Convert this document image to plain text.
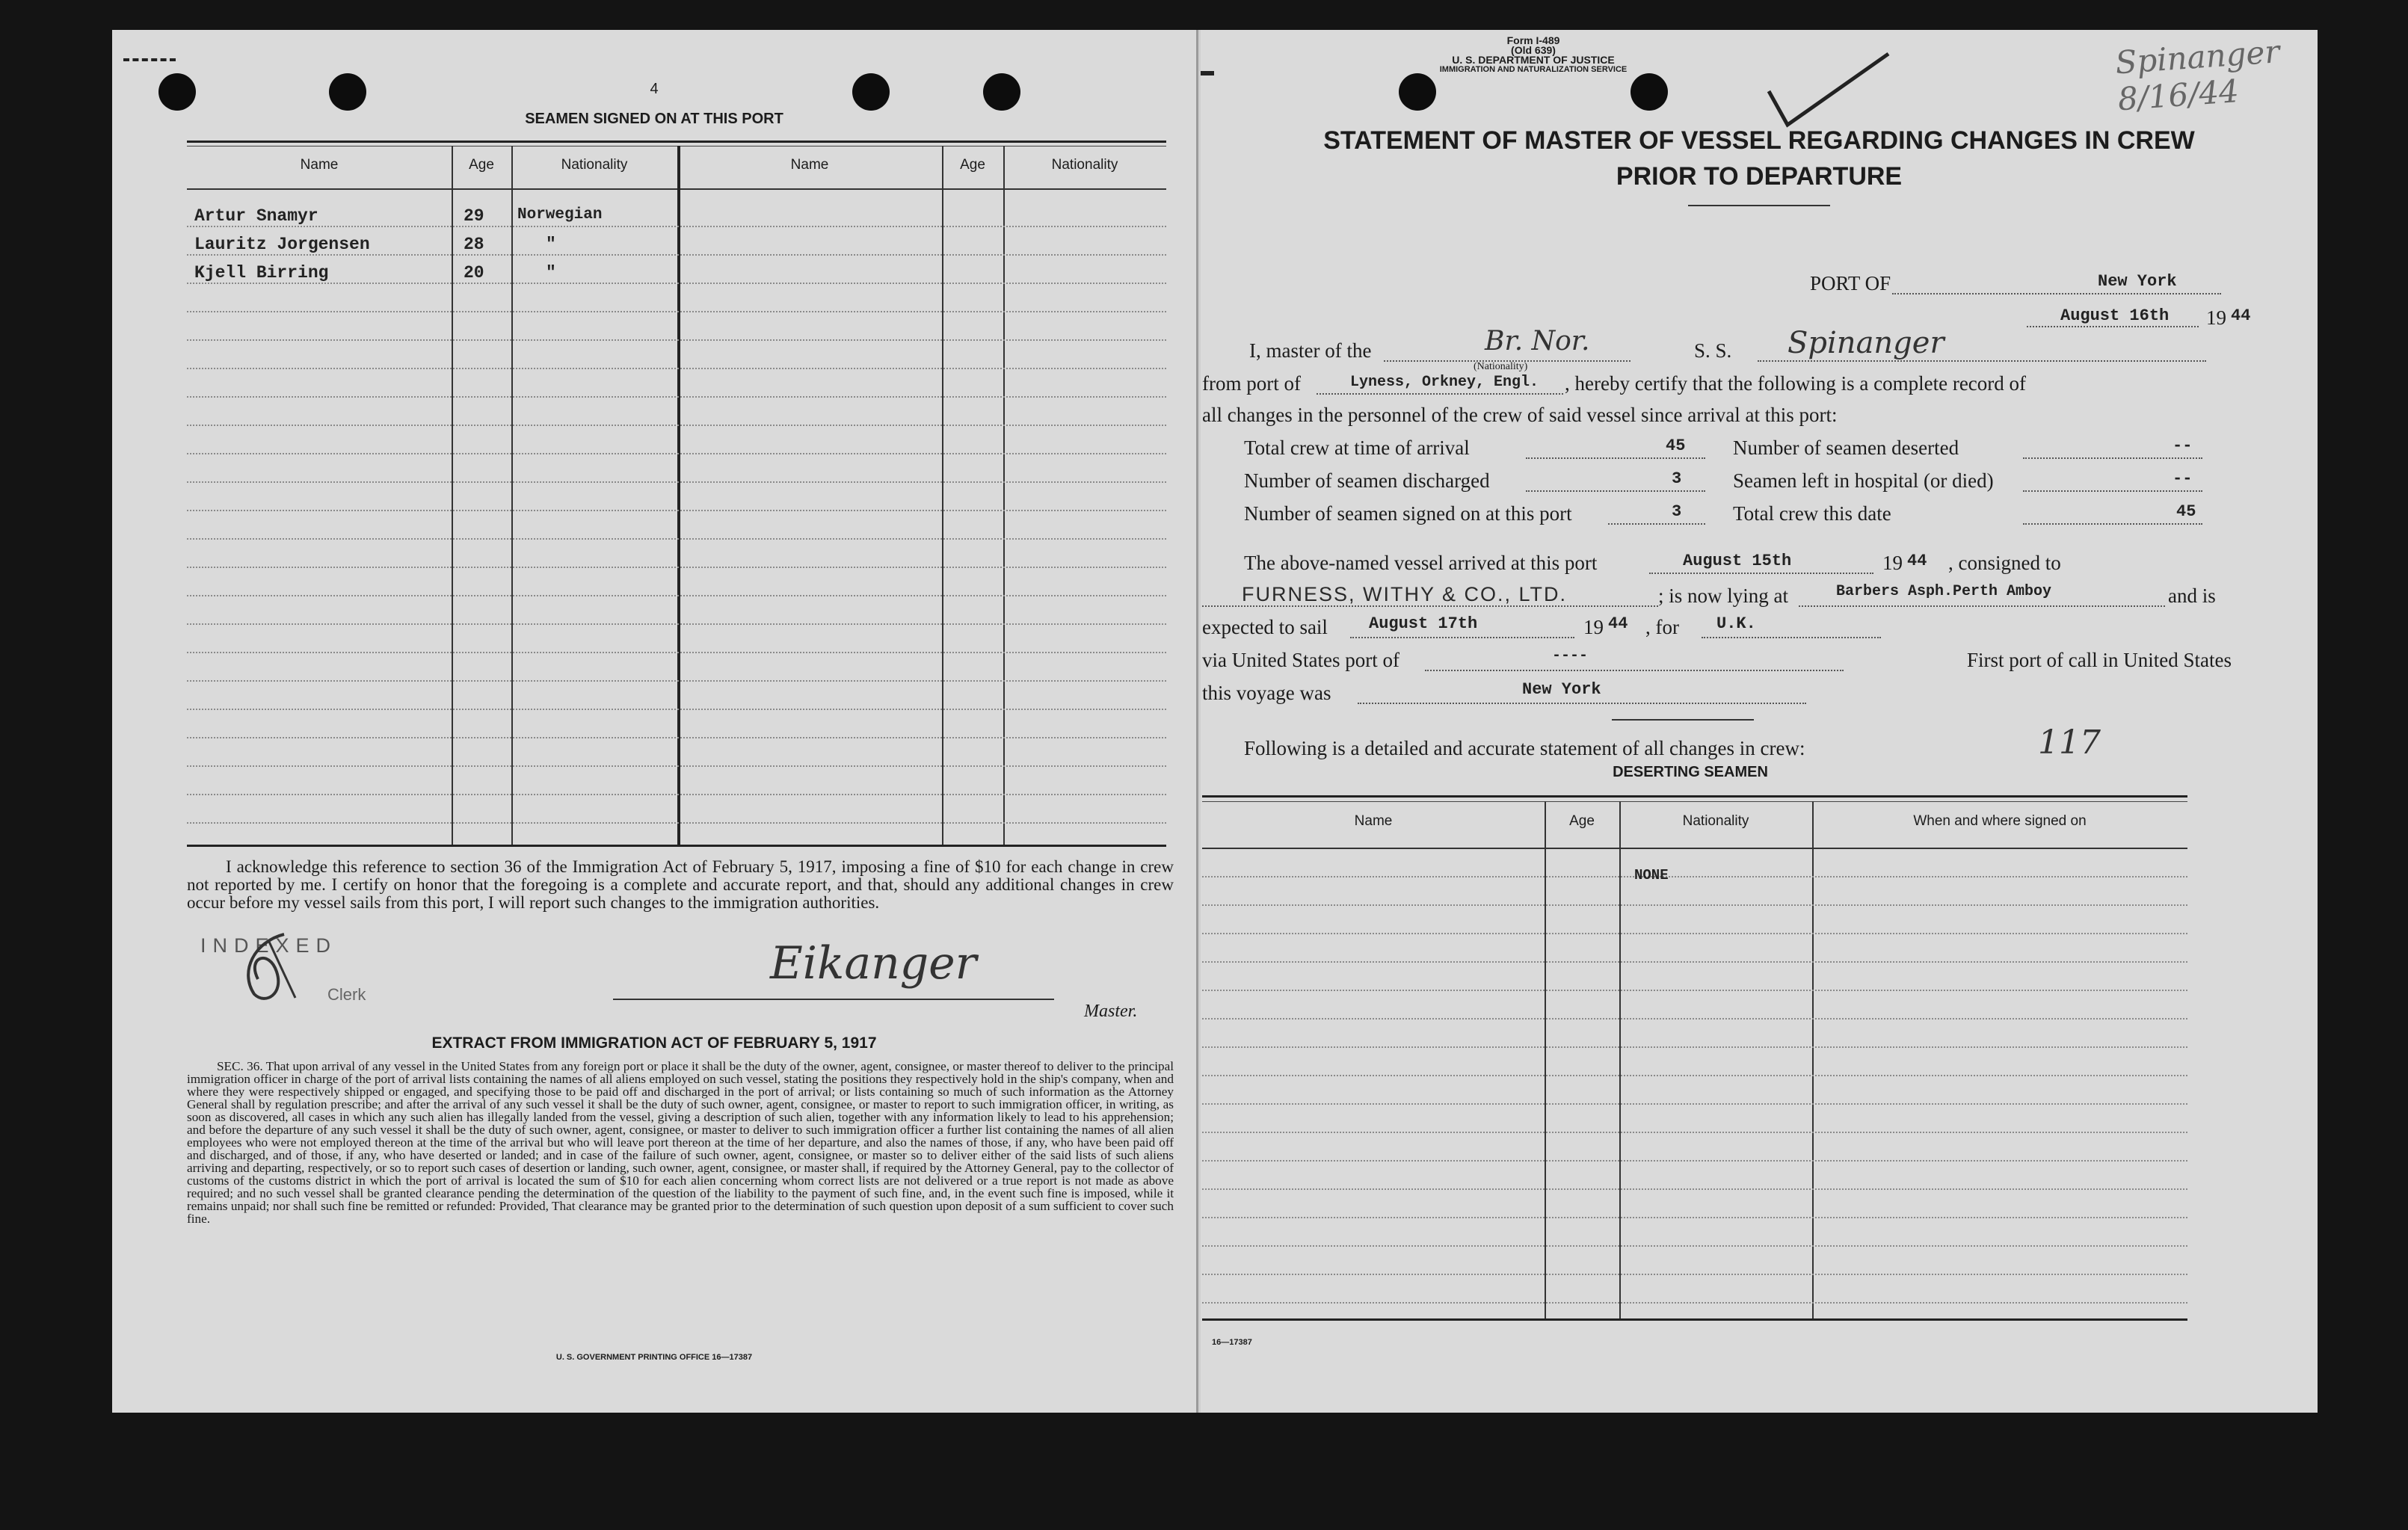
4
SEAMEN SIGNED ON AT THIS PORT
Name	Age	Nationality	Name	Age	Nationality
Artur Snamyr	29 Norwegian
Lauritz Jorgensen	28	"
Kjell Birring	20	"
I acknowledge this reference to section 36 of the Immigration Act of February 5, 1917, imposing a fine of $10 for each change in crew not reported by me. I certify on honor that the foregoing is a complete and accurate report, and that, should any additional changes in crew occur before my vessel sails from this port, I will report such changes to the immigration authorities.
INDEXED
Clerk
Eikanger
Master.
EXTRACT FROM IMMIGRATION ACT OF FEBRUARY 5, 1917
SEC. 36. That upon arrival of any vessel in the United States from any foreign port or place it shall be the duty of the owner, agent, consignee, or master thereof to deliver to the principal immigration officer in charge of the port of arrival lists containing the names of all aliens employed on such vessel, stating the positions they respectively hold in the ship's company, when and where they were respectively shipped or engaged, and specifying those to be paid off and discharged in the port of arrival; or lists containing so much of such information as the Attorney General shall by regulation prescribe; and after the arrival of any such vessel it shall be the duty of such owner, agent, consignee, or master to report to such immigration officer, in writing, as soon as discovered, all cases in which any such alien has illegally landed from the vessel, giving a description of such alien, together with any information likely to lead to his apprehension; and before the departure of any such vessel it shall be the duty of such owner, agent, consignee, or master to deliver to such immigration officer a further list containing the names of all alien employees who were not employed thereon at the time of the arrival but who will leave port thereon at the time of her departure, and also the names of those, if any, who have been paid off and discharged, and of those, if any, who have deserted or landed; and in case of the failure of such owner, agent, consignee, or master so to deliver either of the said lists of such aliens arriving and departing, respectively, or so to report such cases of desertion or landing, such owner, agent, consignee, or master shall, if required by the Attorney General, pay to the collector of customs of the customs district in which the port of arrival is located the sum of $10 for each alien concerning whom correct lists are not delivered or a true report is not made as above required; and no such vessel shall be granted clearance pending the determination of the question of the liability to the payment of such fine, and, in the event such fine is imposed, while it remains unpaid; nor shall such fine be remitted or refunded: Provided, That clearance may be granted prior to the determination of such question upon deposit of a sum sufficient to cover such fine.
U. S. GOVERNMENT PRINTING OFFICE 16—17387
Form I-489
(Old 639)
U. S. DEPARTMENT OF JUSTICE
IMMIGRATION AND NATURALIZATION SERVICE	Spinanger 8/16/44
STATEMENT OF MASTER OF VESSEL REGARDING CHANGES IN CREW
PRIOR TO DEPARTURE
PORT OF	New York
August 16th 19 44
I, master of the	Br. Nor.
(Nationality)
S. S. Spinanger
from port of	Lyness, Orkney, Engl. , hereby certify that the following is a complete record of
all changes in the personnel of the crew of said vessel since arrival at this port:
Total crew at time of arrival	45 Number of seamen deserted	--
Number of seamen discharged	3	Seamen left in hospital (or died)	--
Number of seamen signed on at this port	3	Total crew this date	45
The above-named vessel arrived at this port	August 15th	19 44 , consigned to
FURNESS, WITHY & CO., LTD.	; is now lying at	Barbers Asph.Perth Amboy	and is
expected to sail	August 17th	19 44 , for U.K.
via United States port of	----	First port of call in United States
this voyage was	New York
Following is a detailed and accurate statement of all changes in crew:	117
DESERTING SEAMEN
Name	Age	Nationality	When and where signed on
NONE
16—17387
